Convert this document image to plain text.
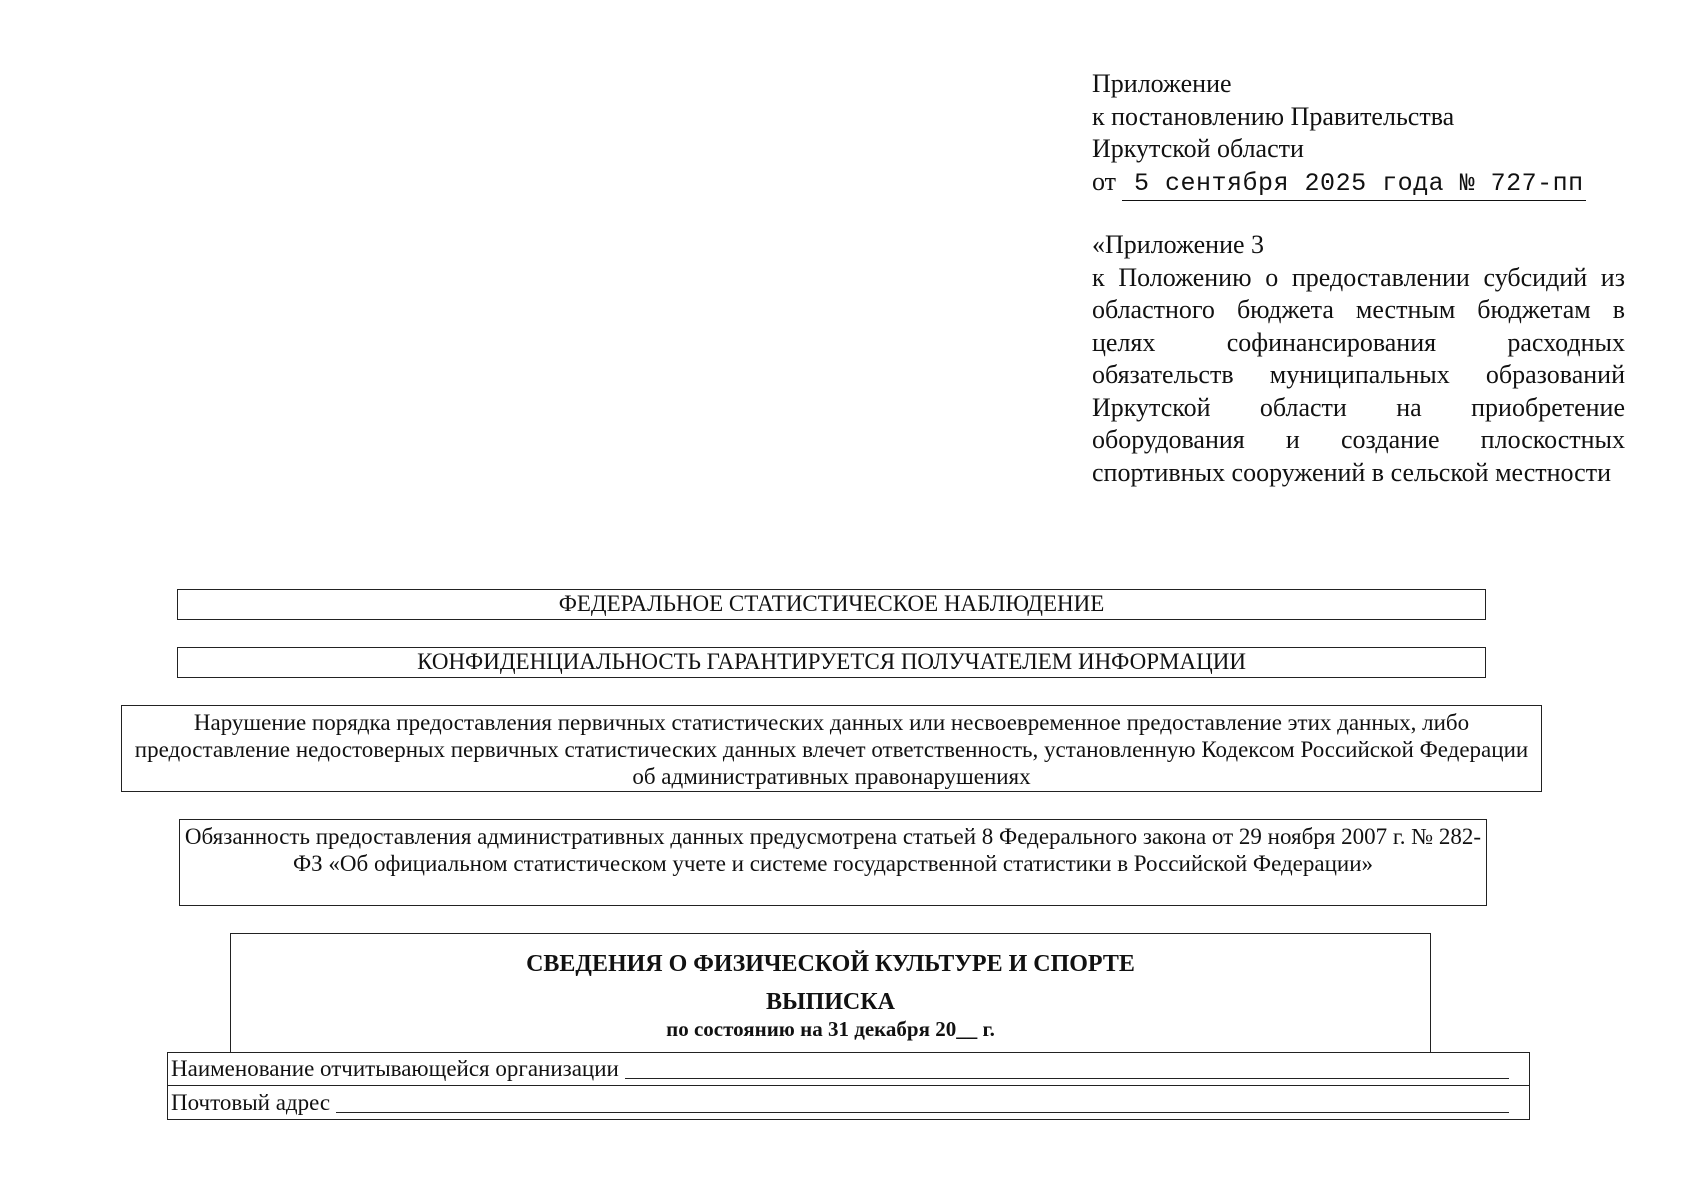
Приложение
к постановлению Правительства
Иркутской области
от 5 сентября 2025 года № 727-пп
«Приложение 3
к Положению о предоставлении субсидий из областного бюджета местным бюджетам в целях софинансирования расходных обязательств муниципальных образований Иркутской области на приобретение оборудования и создание плоскостных спортивных сооружений в сельской местности
ФЕДЕРАЛЬНОЕ СТАТИСТИЧЕСКОЕ НАБЛЮДЕНИЕ
КОНФИДЕНЦИАЛЬНОСТЬ ГАРАНТИРУЕТСЯ ПОЛУЧАТЕЛЕМ ИНФОРМАЦИИ
Нарушение порядка предоставления первичных статистических данных или несвоевременное предоставление этих данных, либо предоставление недостоверных первичных статистических данных влечет ответственность, установленную Кодексом Российской Федерации об административных правонарушениях
Обязанность предоставления административных данных предусмотрена статьей 8 Федерального закона от 29 ноября 2007 г. № 282-ФЗ «Об официальном статистическом учете и системе государственной статистики в Российской Федерации»
СВЕДЕНИЯ О ФИЗИЧЕСКОЙ КУЛЬТУРЕ И СПОРТЕ
ВЫПИСКА
по состоянию на 31 декабря 20__ г.
Наименование отчитывающейся организации
Почтовый адрес
